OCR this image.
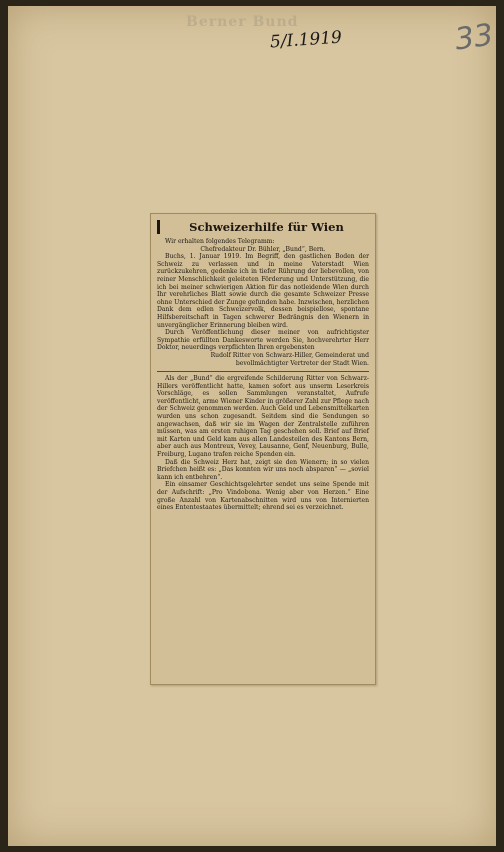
Berner Bund
5/I.1919	33
Schweizerhilfe für Wien

Wir erhalten folgendes Telegramm:

Chefredakteur Dr. Bühler, „Bund“, Bern.

Buchs, 1. Januar 1919. Im Begriff, den gastlichen Boden der Schweiz zu verlassen und in meine Vaterstadt Wien zurückzukehren, gedenke ich in tiefer Rührung der liebevollen, von reiner Menschlichkeit geleiteten Förderung und Unterstützung, die ich bei meiner schwierigen Aktion für das notleidende Wien durch Ihr verehrliches Blatt sowie durch die gesamte Schweizer Presse ohne Unterschied der Zunge gefunden habe. Inzwischen, herzlichen Dank dem edlen Schweizervolk, dessen beispiellose, spontane Hilfsbereitschaft in Tagen schwerer Bedrängnis den Wienern in unvergänglicher Erinnerung bleiben wird.

Durch Veröffentlichung dieser meiner von aufrichtigster Sympathie erfüllten Dankesworte werden Sie, hochverehrter Herr Doktor, neuerdings verpflichten Ihren ergebensten

Rudolf Ritter von Schwarz-Hiller, Gemeinderat und bevollmächtigter Vertreter der Stadt Wien.

Als der „Bund“ die ergreifende Schilderung Ritter von Schwarz-Hillers veröffentlicht hatte, kamen sofort aus unserm Leserkreis Vorschläge, es sollen Sammlungen veranstaltet, Aufrufe veröffentlicht, arme Wiener Kinder in größerer Zahl zur Pflege nach der Schweiz genommen werden. Auch Geld und Lebensmittelkarten wurden uns schon zugesandt. Seitdem sind die Sendungen so angewachsen, daß wir sie im Wagen der Zentralstelle zuführen müssen, was am ersten ruhigen Tag geschehen soll. Brief auf Brief mit Karten und Geld kam aus allen Landesteilen des Kantons Bern, aber auch aus Montreux, Vevey, Lausanne, Genf, Neuenburg, Bulle, Freiburg, Lugano trafen reiche Spenden ein.

Daß die Schweiz Herz hat, zeigt sie den Wienern; in so vielen Briefchen heißt es: „Das konnten wir uns noch absparen“ — „soviel kann ich entbehren“.

Ein einsamer Geschichtsgelehrter sendet uns seine Spende mit der Aufschrift: „Pro Vindobona. Wenig aber von Herzen.“ Eine große Anzahl von Kartenabschnitten wird uns von Internierten eines Ententestaates übermittelt; ehrend sei es verzeichnet.
